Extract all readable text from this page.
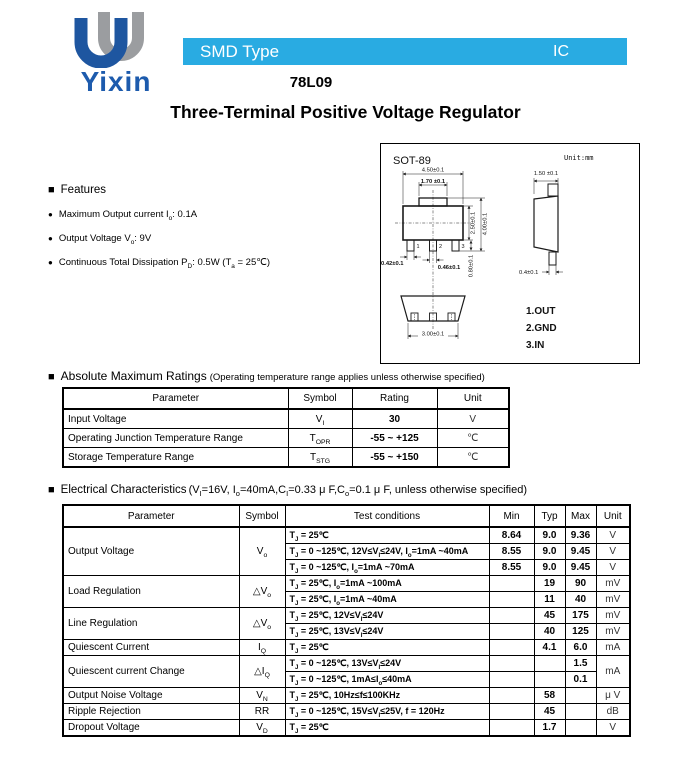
Yixin
SMD Type	IC
78L09
Three-Terminal Positive Voltage Regulator
■ Features
● Maximum Output current $I_o$: 0.1A
● Output Voltage $V_o$: 9V
● Continuous Total Dissipation $P_D$: 0.5W ($T_a$ = 25℃)
SOT-89	Unit:mm
1	2	3
4.50±0.1
1.70 ±0.1
2.50±0.1 4.00±0.1
0.80±0.1
0.42±0.1
0.46±0.1
3.00±0.1
1.50 ±0.1
0.4±0.1
1.OUT
2.GND
3.IN
■ Absolute Maximum Ratings (Operating temperature range applies unless otherwise specified)
Parameter	Symbol	Rating	Unit
Input Voltage	$V_I$	30	V
Operating Junction Temperature Range	$T_{OPR}$	-55 ~ +125	℃
Storage Temperature Range	$T_{STG}$	-55 ~ +150	℃
■ Electrical Characteristics ($V_I=16V$, $I_o=40mA,C_I=0.33$ μ $F,C_o=0.1$ μ F, unless otherwise specified)
Parameter	Symbol	Test conditions	Min	Typ	Max	Unit
Output Voltage	$V_o$	$T_J$ = 25℃	8.64	9.0	9.36	V
		$T_J = 0$ ~125℃, $12V\le V_I\le 24V$, $I_o=1mA$ ~40mA	8.55	9.0	9.45	V
		$T_J = 0$ ~125℃, $I_o=1mA$ ~70mA	8.55	9.0	9.45	V
Load Regulation	$\triangle V_o$	$T_J$ = 25℃, $I_o=1mA$ ~100mA		19	90	mV
		$T_J$ = 25℃, $I_o=1mA$ ~40mA		11	40	mV
Line Regulation	$\triangle V_o$	$T_J$ = 25℃, $12V\le V_I\le 24V$		45	175	mV
		$T_J$ = 25℃, $13V\le V_I\le 24V$		40	125	mV
Quiescent Current	$I_Q$	$T_J$ = 25℃		4.1	6.0	mA
Quiescent current Change	$\triangle I_Q$	$T_J = 0$ ~125℃, $13V\le V_I\le 24V$			1.5	mA
		$T_J = 0$ ~125℃, $1mA\le I_o\le 40mA$			0.1	
Output Noise Voltage	$V_N$	$T_J$ = 25℃, 10Hz≤f≤100KHz		58		μ V
Ripple Rejection	RR	$T_J = 0$ ~125℃, $15V\le V_I\le 25V$, f = 120Hz		45		dB
Dropout Voltage	$V_D$	$T_J$ = 25℃		1.7		V
